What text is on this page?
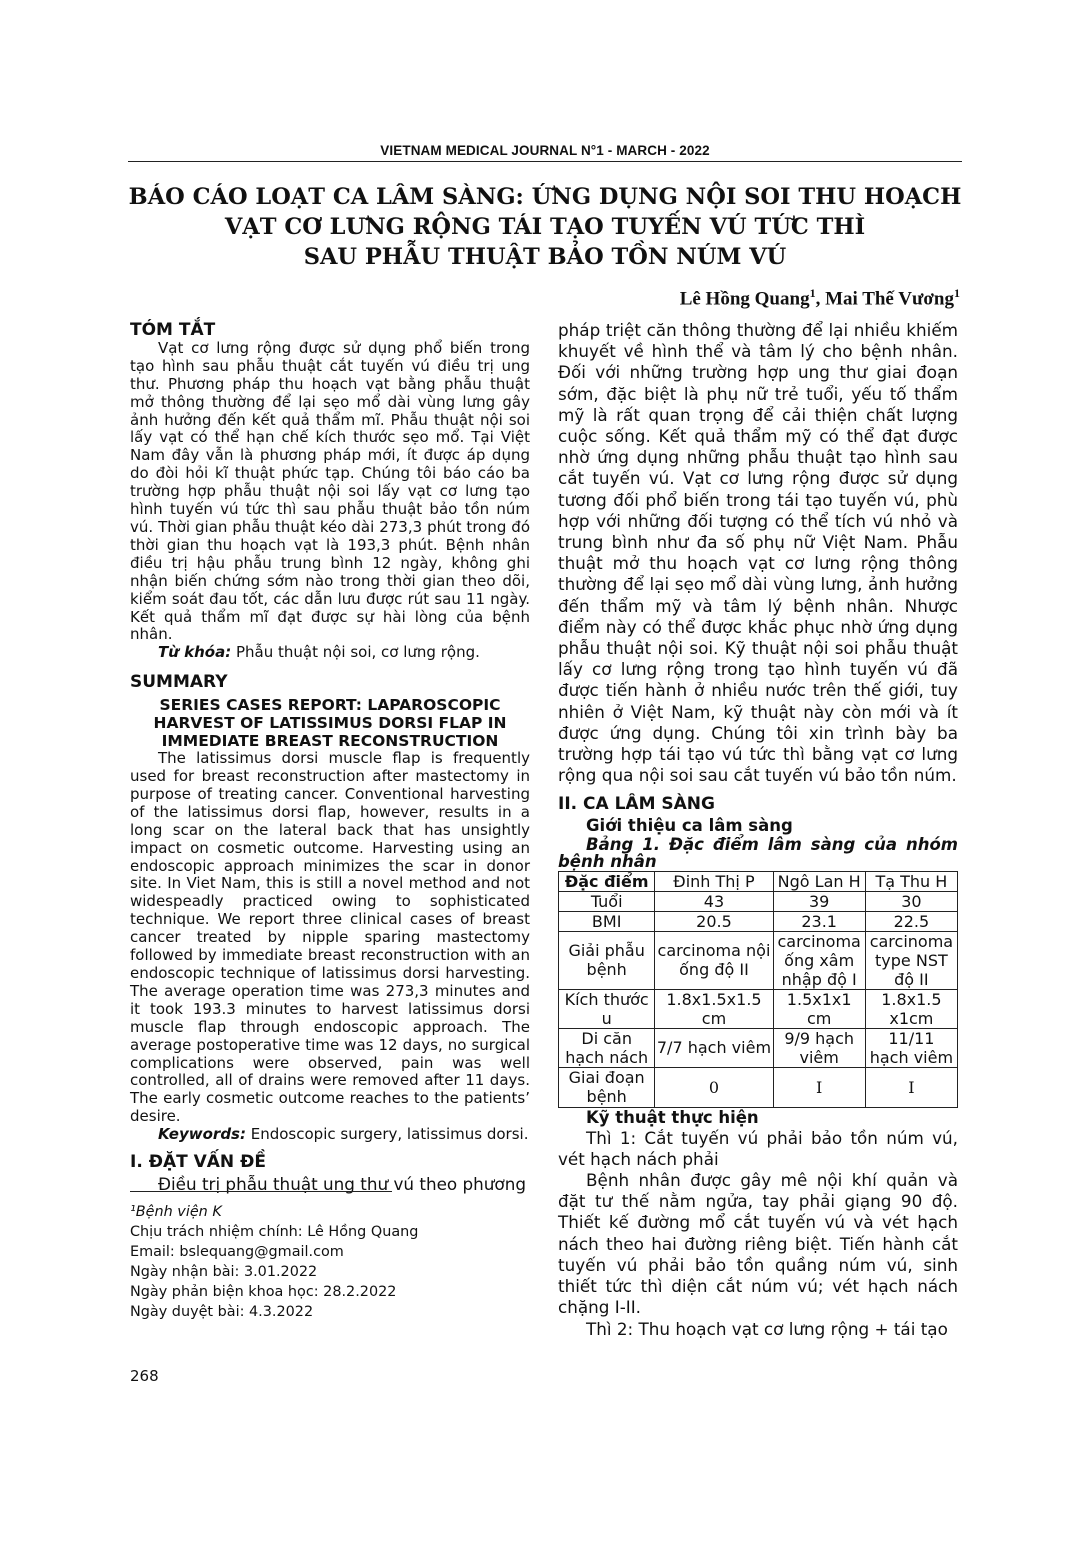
VIETNAM MEDICAL JOURNAL N°1 - MARCH - 2022
BÁO CÁO LOẠT CA LÂM SÀNG: ỨNG DỤNG NỘI SOI THU HOẠCH
VẠT CƠ LƯNG RỘNG TÁI TẠO TUYẾN VÚ TỨC THÌ
SAU PHẪU THUẬT BẢO TỒN NÚM VÚ
Lê Hồng Quang$^1$, Mai Thế Vương$^1$
TÓM TẮT

Vạt cơ lưng rộng được sử dụng phổ biến trong tạo hình sau phẫu thuật cắt tuyến vú điều trị ung thư. Phương pháp thu hoạch vạt bằng phẫu thuật mở thông thường để lại sẹo mổ dài vùng lưng gây ảnh hưởng đến kết quả thẩm mĩ. Phẫu thuật nội soi lấy vạt có thể hạn chế kích thước sẹo mổ. Tại Việt Nam đây vẫn là phương pháp mới, ít được áp dụng do đòi hỏi kĩ thuật phức tạp. Chúng tôi báo cáo ba trường hợp phẫu thuật nội soi lấy vạt cơ lưng tạo hình tuyến vú tức thì sau phẫu thuật bảo tồn núm vú. Thời gian phẫu thuật kéo dài 273,3 phút trong đó thời gian thu hoạch vạt là 193,3 phút. Bệnh nhân điều trị hậu phẫu trung bình 12 ngày, không ghi nhận biến chứng sớm nào trong thời gian theo dõi, kiểm soát đau tốt, các dẫn lưu được rút sau 11 ngày. Kết quả thẩm mĩ đạt được sự hài lòng của bệnh nhân.

Từ khóa: Phẫu thuật nội soi, cơ lưng rộng.

SUMMARY
SERIES CASES REPORT: LAPAROSCOPIC
HARVEST OF LATISSIMUS DORSI FLAP IN
IMMEDIATE BREAST RECONSTRUCTION

The latissimus dorsi muscle flap is frequently used for breast reconstruction after mastectomy in purpose of treating cancer. Conventional harvesting of the latissimus dorsi flap, however, results in a long scar on the lateral back that has unsightly impact on cosmetic outcome. Harvesting using an endoscopic approach minimizes the scar in donor site. In Viet Nam, this is still a novel method and not widespeadly practiced owing to sophisticated technique. We report three clinical cases of breast cancer treated by nipple sparing mastectomy followed by immediate breast reconstruction with an endoscopic technique of latissimus dorsi harvesting. The average operation time was 273,3 minutes and it took 193.3 minutes to harvest latissimus dorsi muscle flap through endoscopic approach. The average postoperative time was 12 days, no surgical complications were observed, pain was well controlled, all of drains were removed after 11 days. The early cosmetic outcome reaches to the patients’ desire.

Keywords: Endoscopic surgery, latissimus dorsi.

I. ĐẶT VẤN ĐỀ

Điều trị phẫu thuật ung thư vú theo phương

¹Bệnh viện K
Chịu trách nhiệm chính: Lê Hồng Quang
Email: bslequang@gmail.com
Ngày nhận bài: 3.01.2022
Ngày phản biện khoa học: 28.2.2022
Ngày duyệt bài: 4.3.2022
268

pháp triệt căn thông thường để lại nhiều khiếm khuyết về hình thể và tâm lý cho bệnh nhân. Đối với những trường hợp ung thư giai đoạn sớm, đặc biệt là phụ nữ trẻ tuổi, yếu tố thẩm mỹ là rất quan trọng để cải thiện chất lượng cuộc sống. Kết quả thẩm mỹ có thể đạt được nhờ ứng dụng những phẫu thuật tạo hình sau cắt tuyến vú. Vạt cơ lưng rộng được sử dụng tương đối phổ biến trong tái tạo tuyến vú, phù hợp với những đối tượng có thể tích vú nhỏ và trung bình như đa số phụ nữ Việt Nam. Phẫu thuật mở thu hoạch vạt cơ lưng rộng thông thường để lại sẹo mổ dài vùng lưng, ảnh hưởng đến thẩm mỹ và tâm lý bệnh nhân. Nhược điểm này có thể được khắc phục nhờ ứng dụng phẫu thuật nội soi. Kỹ thuật nội soi phẫu thuật lấy cơ lưng rộng trong tạo hình tuyến vú đã được tiến hành ở nhiều nước trên thế giới, tuy nhiên ở Việt Nam, kỹ thuật này còn mới và ít được ứng dụng. Chúng tôi xin trình bày ba trường hợp tái tạo vú tức thì bằng vạt cơ lưng rộng qua nội soi sau cắt tuyến vú bảo tồn núm.

II. CA LÂM SÀNG
Giới thiệu ca lâm sàng
Bảng 1. Đặc điểm lâm sàng của nhóm bệnh nhân
Đặc điểm	Đinh Thị P	Ngô Lan H	Tạ Thu H
Tuổi	43	39	30
BMI	20.5	23.1	22.5
Giải phẫu bệnh	carcinoma nội ống độ II	carcinoma ống xâm nhập độ I	carcinoma type NST độ II
Kích thước u	1.8x1.5x1.5 cm	1.5x1x1 cm	1.8x1.5 x1cm
Di căn hạch nách	7/7 hạch viêm	9/9 hạch viêm	11/11 hạch viêm
Giai đoạn bệnh	0	I	I
Kỹ thuật thực hiện

Thì 1: Cắt tuyến vú phải bảo tồn núm vú, vét hạch nách phải

Bệnh nhân được gây mê nội khí quản và đặt tư thế nằm ngửa, tay phải giạng 90 độ. Thiết kế đường mổ cắt tuyến vú và vét hạch nách theo hai đường riêng biệt. Tiến hành cắt tuyến vú phải bảo tồn quầng núm vú, sinh thiết tức thì diện cắt núm vú; vét hạch nách chặng I-II.

Thì 2: Thu hoạch vạt cơ lưng rộng + tái tạo
